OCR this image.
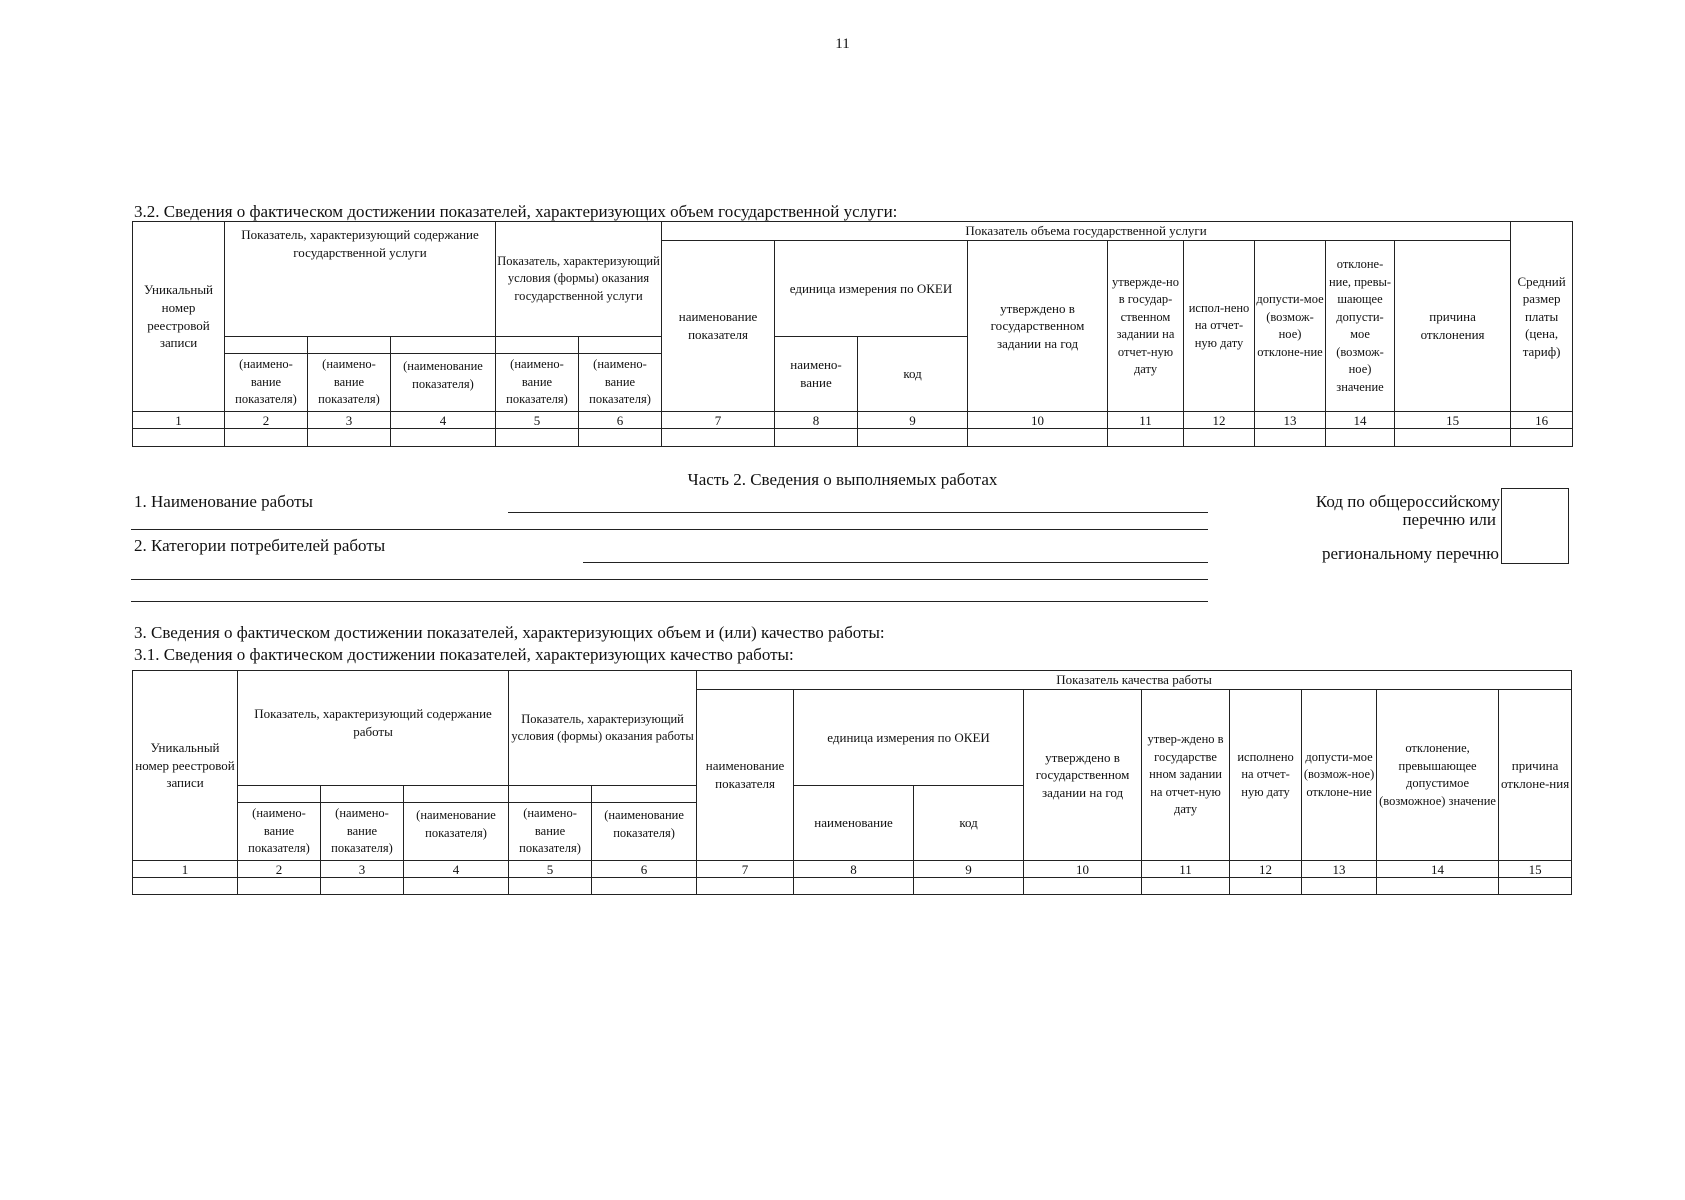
11
3.2. Сведения о фактическом достижении показателей, характеризующих объем государственной услуги:
Уникальный номер реестровой записи	Показатель, характеризующий содержание государственной услуги			Показатель, характеризующий условия (формы) оказания государственной услуги		Показатель объема государственной услуги									Средний размер платы (цена, тариф)
						наименование показателя	единица измерения по ОКЕИ		утверждено в государственном задании на год	утвержде-но в государ-ственном задании на отчет-ную дату	испол-нено на отчет-ную дату	допусти-мое (возмож-ное) отклоне-ние	отклоне-ние, превы-шающее допусти-мое (возмож-ное) значение	причина отклонения	
							наимено-вание	код							
	(наимено-вание показателя)	(наимено-вание показателя)	(наименование показателя)	(наимено-вание показателя)	(наимено-вание показателя)										
1	2	3	4	5	6	7	8	9	10	11	12	13	14	15	16

Часть 2. Сведения о выполняемых работах
1. Наименование работы
2. Категории потребителей работы
Код по общероссийскому
перечню или
региональному перечню
3. Сведения о фактическом достижении показателей, характеризующих объем и (или) качество работы:
3.1. Сведения о фактическом достижении показателей, характеризующих качество работы:
Уникальный номер реестровой записи	Показатель, характеризующий содержание работы			Показатель, характеризующий условия (формы) оказания работы		Показатель качества работы								
						наименование показателя	единица измерения по ОКЕИ		утверждено в государственном задании на год	утвер-ждено в государстве нном задании на отчет-ную дату	исполнено на отчет-ную дату	допусти-мое (возмож-ное) отклоне-ние	отклонение, превышающее допустимое (возможное) значение	причина отклоне-ния
							наименование	код						
	(наимено-вание показателя)	(наимено-вание показателя)	(наименование показателя)	(наимено-вание показателя)	(наименование показателя)									
1	2	3	4	5	6	7	8	9	10	11	12	13	14	15
